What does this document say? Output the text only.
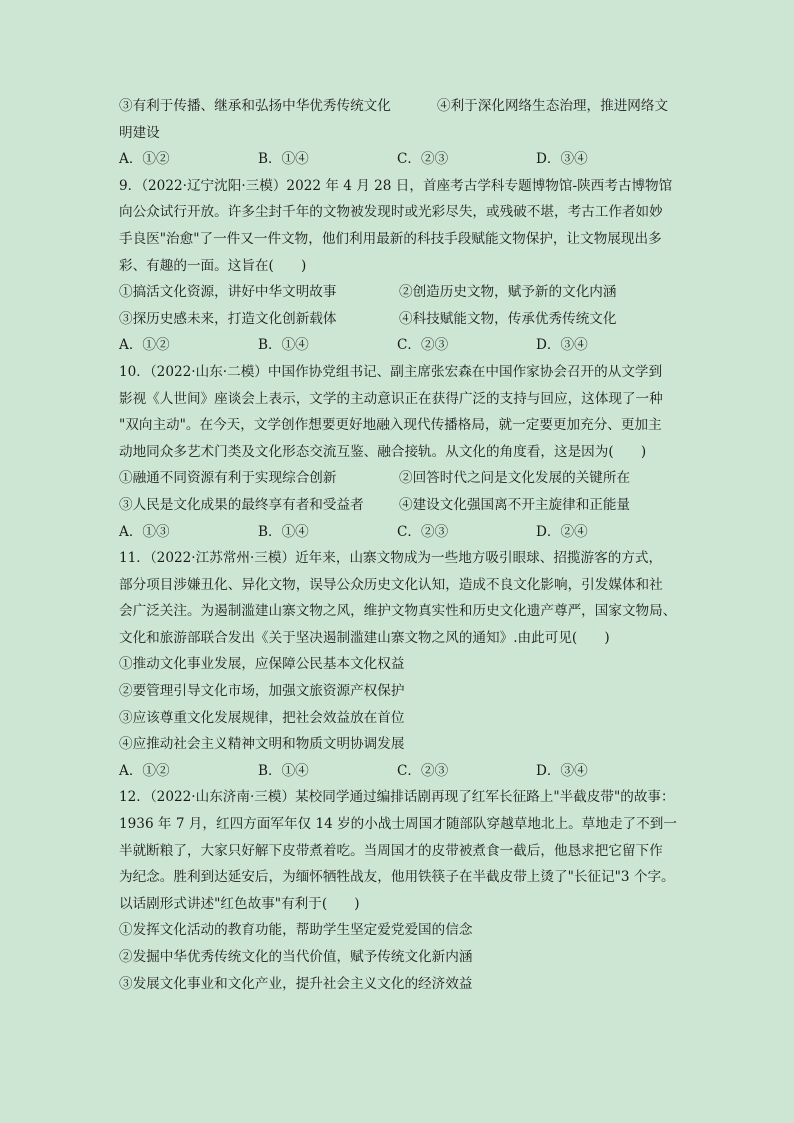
③有利于传播、继承和弘扬中华优秀传统文化	④利于深化网络生态治理，推进网络文
明建设
A．①②	B．①④	C．②③	D．③④
9．（2022·辽宁沈阳·三模）2022 年 4 月 28 日，首座考古学科专题博物馆-陕西考古博物馆
向公众试行开放。许多尘封千年的文物被发现时或光彩尽失，或残破不堪，考古工作者如妙
手良医"治愈"了一件又一件文物，他们利用最新的科技手段赋能文物保护，让文物展现出多
彩、有趣的一面。这旨在(　　)
①搞活文化资源，讲好中华文明故事	②创造历史文物，赋予新的文化内涵
③探历史感未来，打造文化创新载体	④科技赋能文物，传承优秀传统文化
A．①②	B．①④	C．②③	D．③④
10．（2022·山东·二模）中国作协党组书记、副主席张宏森在中国作家协会召开的从文学到
影视《人世间》座谈会上表示，文学的主动意识正在获得广泛的支持与回应，这体现了一种
"双向主动"。在今天，文学创作想要更好地融入现代传播格局，就一定要更加充分、更加主
动地同众多艺术门类及文化形态交流互鉴、融合接轨。从文化的角度看，这是因为(　　)
①融通不同资源有利于实现综合创新	②回答时代之问是文化发展的关键所在
③人民是文化成果的最终享有者和受益者	④建设文化强国离不开主旋律和正能量
A．①③	B．①④	C．②③	D．②④
11．（2022·江苏常州·三模）近年来，山寨文物成为一些地方吸引眼球、招揽游客的方式，
部分项目涉嫌丑化、异化文物，误导公众历史文化认知，造成不良文化影响，引发媒体和社
会广泛关注。为遏制滥建山寨文物之风，维护文物真实性和历史文化遗产尊严，国家文物局、
文化和旅游部联合发出《关于坚决遏制滥建山寨文物之风的通知》.由此可见(　　)
①推动文化事业发展，应保障公民基本文化权益
②要管理引导文化市场，加强文旅资源产权保护
③应该尊重文化发展规律，把社会效益放在首位
④应推动社会主义精神文明和物质文明协调发展
A．①②	B．①④	C．②③	D．③④
12．（2022·山东济南·三模）某校同学通过编排话剧再现了红军长征路上"半截皮带"的故事：
1936 年 7 月，红四方面军年仅 14 岁的小战士周国才随部队穿越草地北上。草地走了不到一
半就断粮了，大家只好解下皮带煮着吃。当周国才的皮带被煮食一截后，他恳求把它留下作
为纪念。胜利到达延安后，为缅怀牺牲战友，他用铁筷子在半截皮带上烫了"长征记"3 个字。
以话剧形式讲述"红色故事"有利于(　　)
①发挥文化活动的教育功能，帮助学生坚定爱党爱国的信念
②发掘中华优秀传统文化的当代价值，赋予传统文化新内涵
③发展文化事业和文化产业，提升社会主义文化的经济效益
